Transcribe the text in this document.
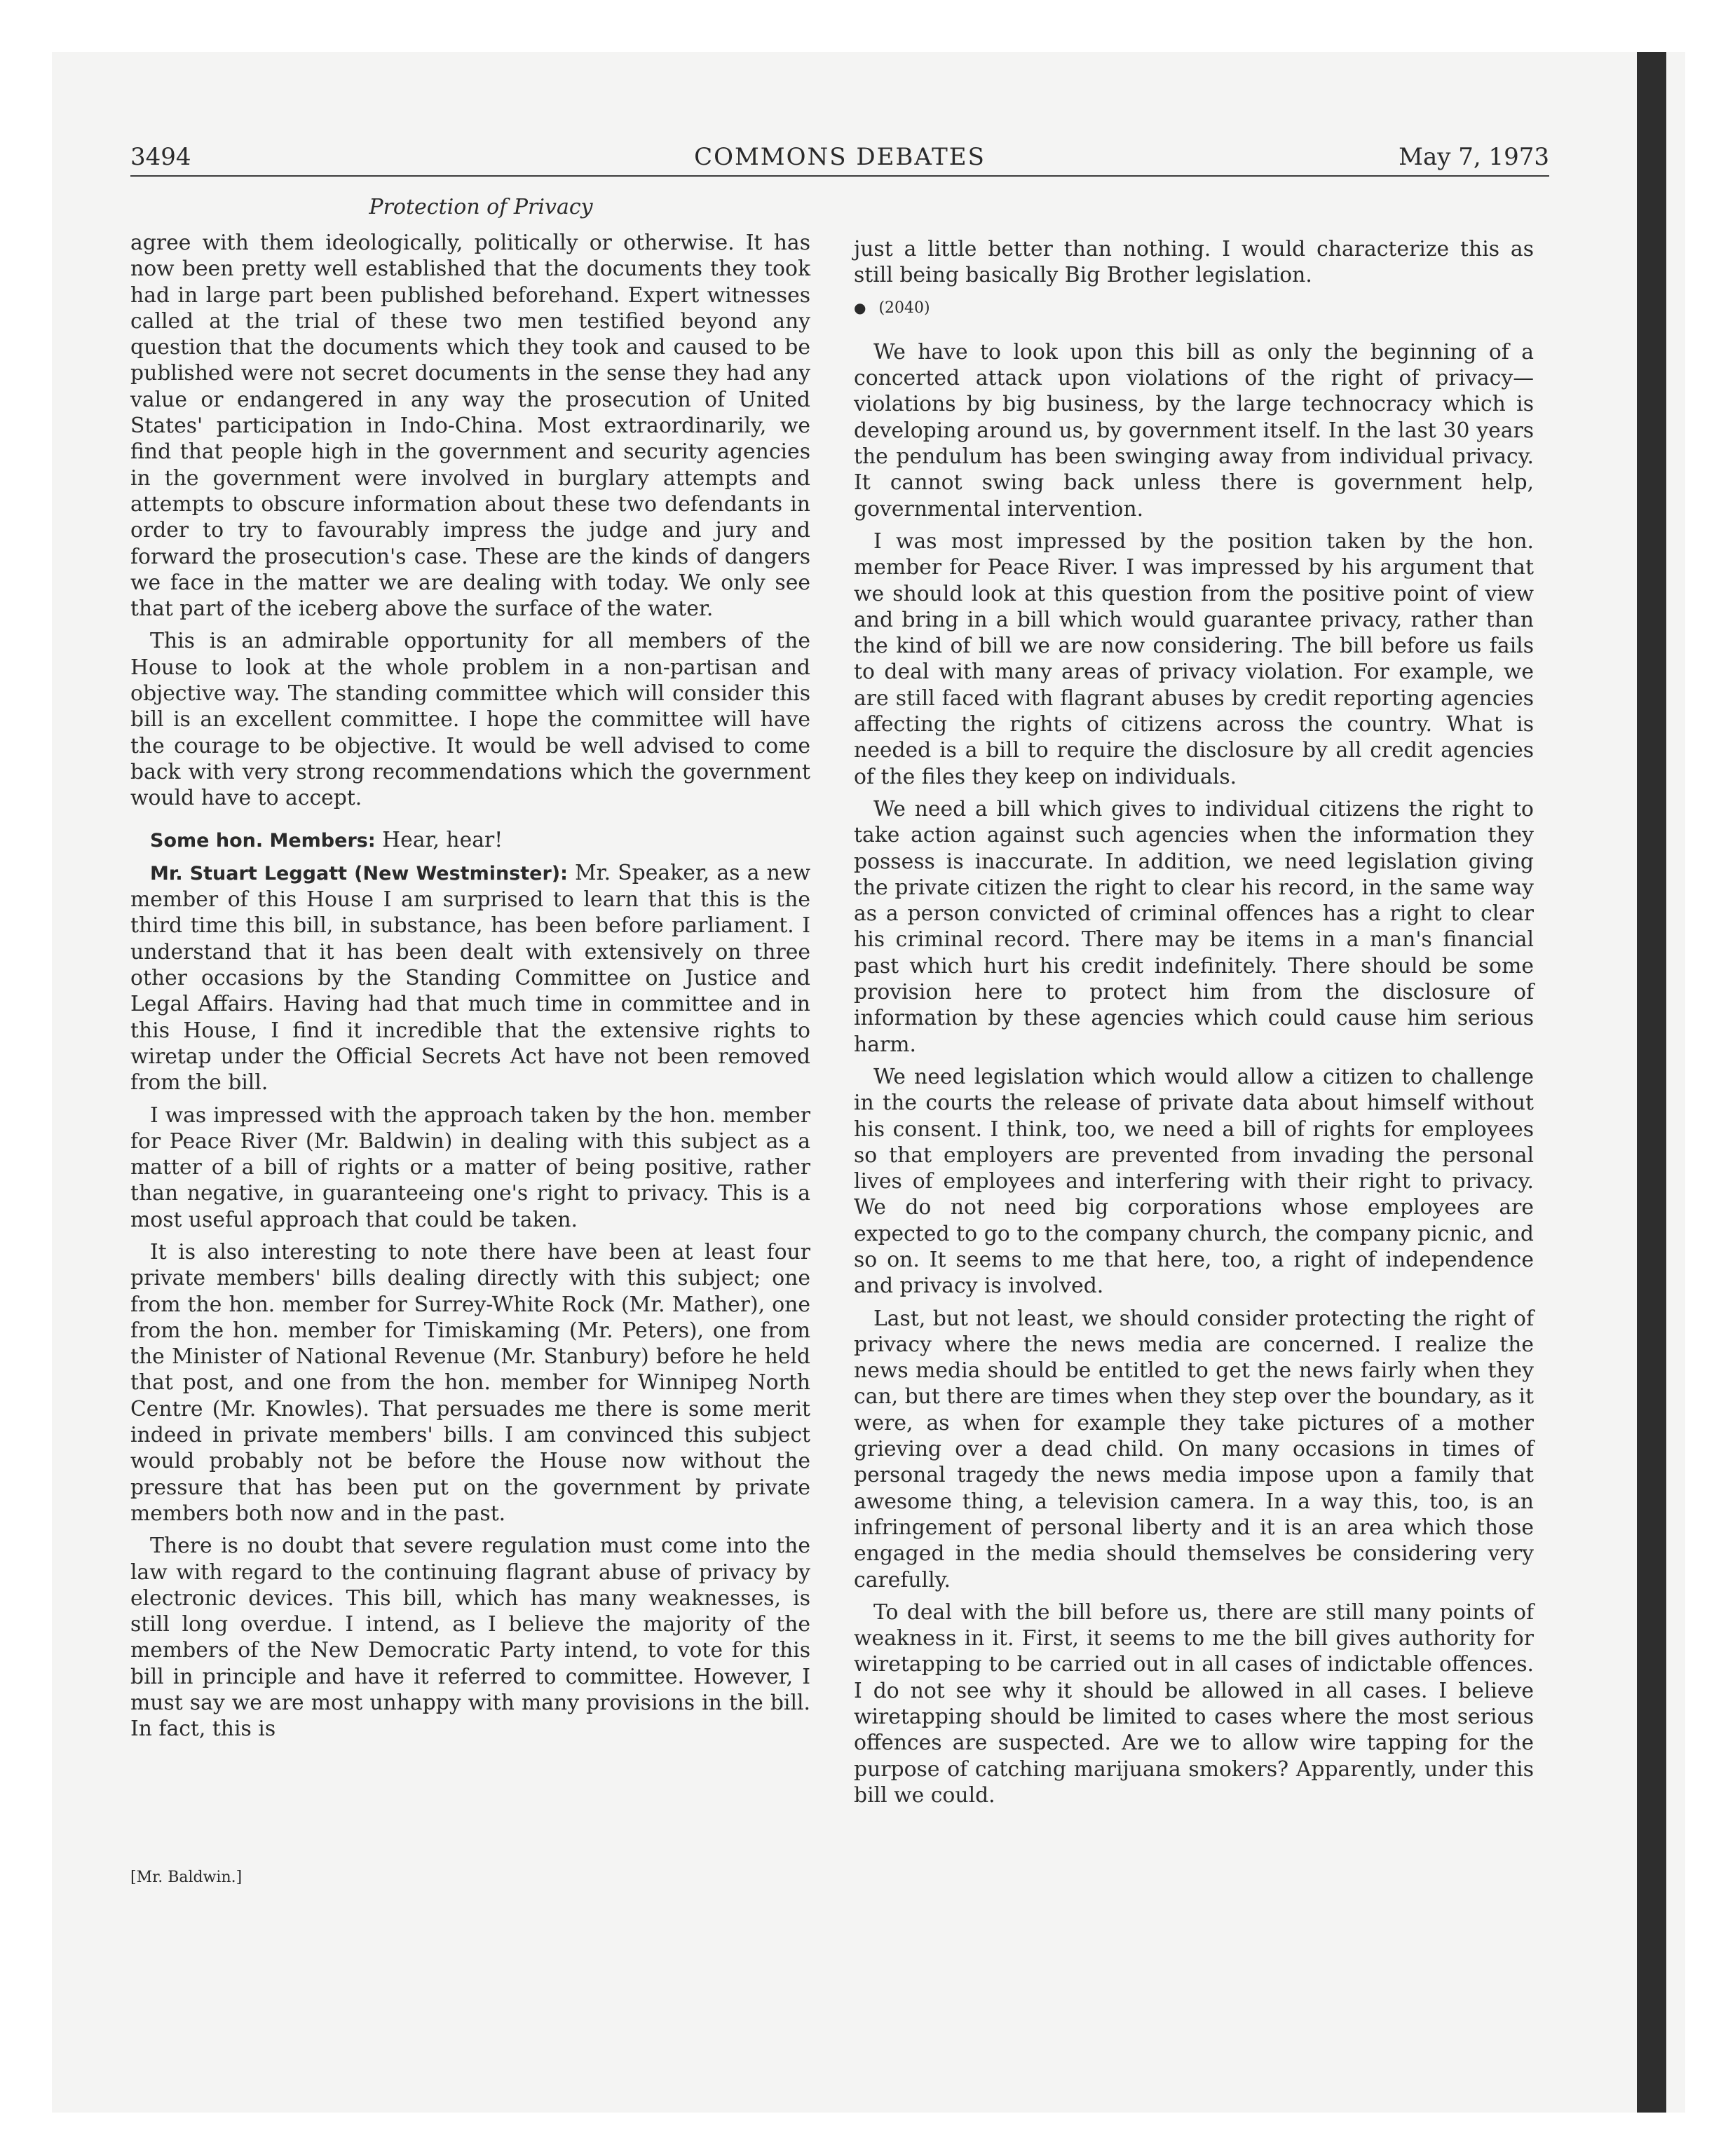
3494	COMMONS DEBATES	May 7, 1973
Protection of Privacy

agree with them ideologically, politically or otherwise. It has now been pretty well established that the documents they took had in large part been published beforehand. Expert witnesses called at the trial of these two men testified beyond any question that the documents which they took and caused to be published were not secret documents in the sense they had any value or endangered in any way the prosecution of United States' participation in Indo-China. Most extraordinarily, we find that people high in the government and security agencies in the government were involved in burglary attempts and attempts to obscure information about these two defendants in order to try to favourably impress the judge and jury and forward the prosecution's case. These are the kinds of dangers we face in the matter we are dealing with today. We only see that part of the iceberg above the surface of the water.

This is an admirable opportunity for all members of the House to look at the whole problem in a non-partisan and objective way. The standing committee which will consider this bill is an excellent committee. I hope the committee will have the courage to be objective. It would be well advised to come back with very strong recommendations which the government would have to accept.

Some hon. Members: Hear, hear!

Mr. Stuart Leggatt (New Westminster): Mr. Speaker, as a new member of this House I am surprised to learn that this is the third time this bill, in substance, has been before parliament. I understand that it has been dealt with extensively on three other occasions by the Standing Committee on Justice and Legal Affairs. Having had that much time in committee and in this House, I find it incredible that the extensive rights to wiretap under the Official Secrets Act have not been removed from the bill.

I was impressed with the approach taken by the hon. member for Peace River (Mr. Baldwin) in dealing with this subject as a matter of a bill of rights or a matter of being positive, rather than negative, in guaranteeing one's right to privacy. This is a most useful approach that could be taken.

It is also interesting to note there have been at least four private members' bills dealing directly with this subject; one from the hon. member for Surrey-White Rock (Mr. Mather), one from the hon. member for Timiskaming (Mr. Peters), one from the Minister of National Revenue (Mr. Stanbury) before he held that post, and one from the hon. member for Winnipeg North Centre (Mr. Knowles). That persuades me there is some merit indeed in private members' bills. I am convinced this subject would probably not be before the House now without the pressure that has been put on the government by private members both now and in the past.

There is no doubt that severe regulation must come into the law with regard to the continuing flagrant abuse of privacy by electronic devices. This bill, which has many weaknesses, is still long overdue. I intend, as I believe the majority of the members of the New Democratic Party intend, to vote for this bill in principle and have it referred to committee. However, I must say we are most unhappy with many provisions in the bill. In fact, this is

[Mr. Baldwin.]

just a little better than nothing. I would characterize this as still being basically Big Brother legislation.

● (2040)

We have to look upon this bill as only the beginning of a concerted attack upon violations of the right of privacy— violations by big business, by the large technocracy which is developing around us, by government itself. In the last 30 years the pendulum has been swinging away from individual privacy. It cannot swing back unless there is government help, governmental intervention.

I was most impressed by the position taken by the hon. member for Peace River. I was impressed by his argument that we should look at this question from the positive point of view and bring in a bill which would guarantee privacy, rather than the kind of bill we are now considering. The bill before us fails to deal with many areas of privacy violation. For example, we are still faced with flagrant abuses by credit reporting agencies affecting the rights of citizens across the country. What is needed is a bill to require the disclosure by all credit agencies of the files they keep on individuals.

We need a bill which gives to individual citizens the right to take action against such agencies when the information they possess is inaccurate. In addition, we need legislation giving the private citizen the right to clear his record, in the same way as a person convicted of criminal offences has a right to clear his criminal record. There may be items in a man's financial past which hurt his credit indefinitely. There should be some provision here to protect him from the disclosure of information by these agencies which could cause him serious harm.

We need legislation which would allow a citizen to challenge in the courts the release of private data about himself without his consent. I think, too, we need a bill of rights for employees so that employers are prevented from invading the personal lives of employees and interfering with their right to privacy. We do not need big corporations whose employees are expected to go to the company church, the company picnic, and so on. It seems to me that here, too, a right of independence and privacy is involved.

Last, but not least, we should consider protecting the right of privacy where the news media are concerned. I realize the news media should be entitled to get the news fairly when they can, but there are times when they step over the boundary, as it were, as when for example they take pictures of a mother grieving over a dead child. On many occasions in times of personal tragedy the news media impose upon a family that awesome thing, a television camera. In a way this, too, is an infringement of personal liberty and it is an area which those engaged in the media should themselves be considering very carefully.

To deal with the bill before us, there are still many points of weakness in it. First, it seems to me the bill gives authority for wiretapping to be carried out in all cases of indictable offences. I do not see why it should be allowed in all cases. I believe wiretapping should be limited to cases where the most serious offences are suspected. Are we to allow wire tapping for the purpose of catching marijuana smokers? Apparently, under this bill we could.
